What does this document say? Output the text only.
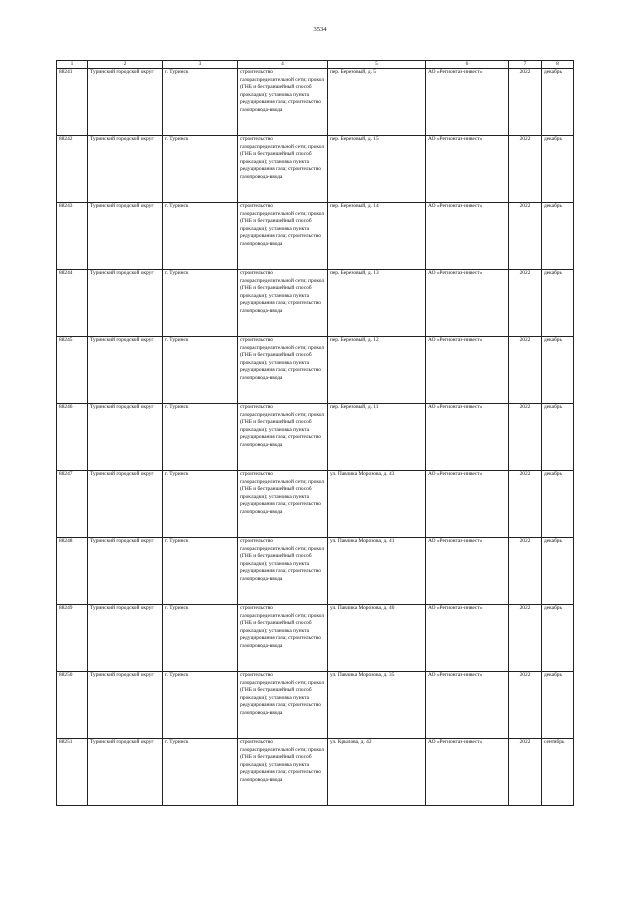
3534
1	2	3	4	5	6	7	8
88241	Туринский городской округ	г. Туринск	строительство газораспределительной сети; прокол (ГНБ и бестраншейный способ прокладки); установка пункта редуцирования газа; строительство газопровода-ввода	пер. Березовый, д. 5	АО «Регионгаз-инвест»	2022	декабрь
88242	Туринский городской округ	г. Туринск	строительство газораспределительной сети; прокол (ГНБ и бестраншейный способ прокладки); установка пункта редуцирования газа; строительство газопровода-ввода	пер. Березовый, д. 15	АО «Регионгаз-инвест»	2022	декабрь
88243	Туринский городской округ	г. Туринск	строительство газораспределительной сети; прокол (ГНБ и бестраншейный способ прокладки); установка пункта редуцирования газа; строительство газопровода-ввода	пер. Березовый, д. 14	АО «Регионгаз-инвест»	2022	декабрь
88244	Туринский городской округ	г. Туринск	строительство газораспределительной сети; прокол (ГНБ и бестраншейный способ прокладки); установка пункта редуцирования газа; строительство газопровода-ввода	пер. Березовый, д. 13	АО «Регионгаз-инвест»	2022	декабрь
88245	Туринский городской округ	г. Туринск	строительство газораспределительной сети; прокол (ГНБ и бестраншейный способ прокладки); установка пункта редуцирования газа; строительство газопровода-ввода	пер. Березовый, д. 12	АО «Регионгаз-инвест»	2022	декабрь
88246	Туринский городской округ	г. Туринск	строительство газораспределительной сети; прокол (ГНБ и бестраншейный способ прокладки); установка пункта редуцирования газа; строительство газопровода-ввода	пер. Березовый, д. 11	АО «Регионгаз-инвест»	2022	декабрь
88247	Туринский городской округ	г. Туринск	строительство газораспределительной сети; прокол (ГНБ и бестраншейный способ прокладки); установка пункта редуцирования газа; строительство газопровода-ввода	ул. Павлика Морозова, д. 43	АО «Регионгаз-инвест»	2022	декабрь
88248	Туринский городской округ	г. Туринск	строительство газораспределительной сети; прокол (ГНБ и бестраншейный способ прокладки); установка пункта редуцирования газа; строительство газопровода-ввода	ул. Павлика Морозова, д. 41	АО «Регионгаз-инвест»	2022	декабрь
88249	Туринский городской округ	г. Туринск	строительство газораспределительной сети; прокол (ГНБ и бестраншейный способ прокладки); установка пункта редуцирования газа; строительство газопровода-ввода	ул. Павлика Морозова, д. 40	АО «Регионгаз-инвест»	2022	декабрь
88250	Туринский городской округ	г. Туринск	строительство газораспределительной сети; прокол (ГНБ и бестраншейный способ прокладки); установка пункта редуцирования газа; строительство газопровода-ввода	ул. Павлика Морозова, д. 35	АО «Регионгаз-инвест»	2022	декабрь
88251	Туринский городской округ	г. Туринск	строительство газораспределительной сети; прокол (ГНБ и бестраншейный способ прокладки); установка пункта редуцирования газа; строительство газопровода-ввода	ул. Крылова, д. 42	АО «Регионгаз-инвест»	2022	сентябрь
